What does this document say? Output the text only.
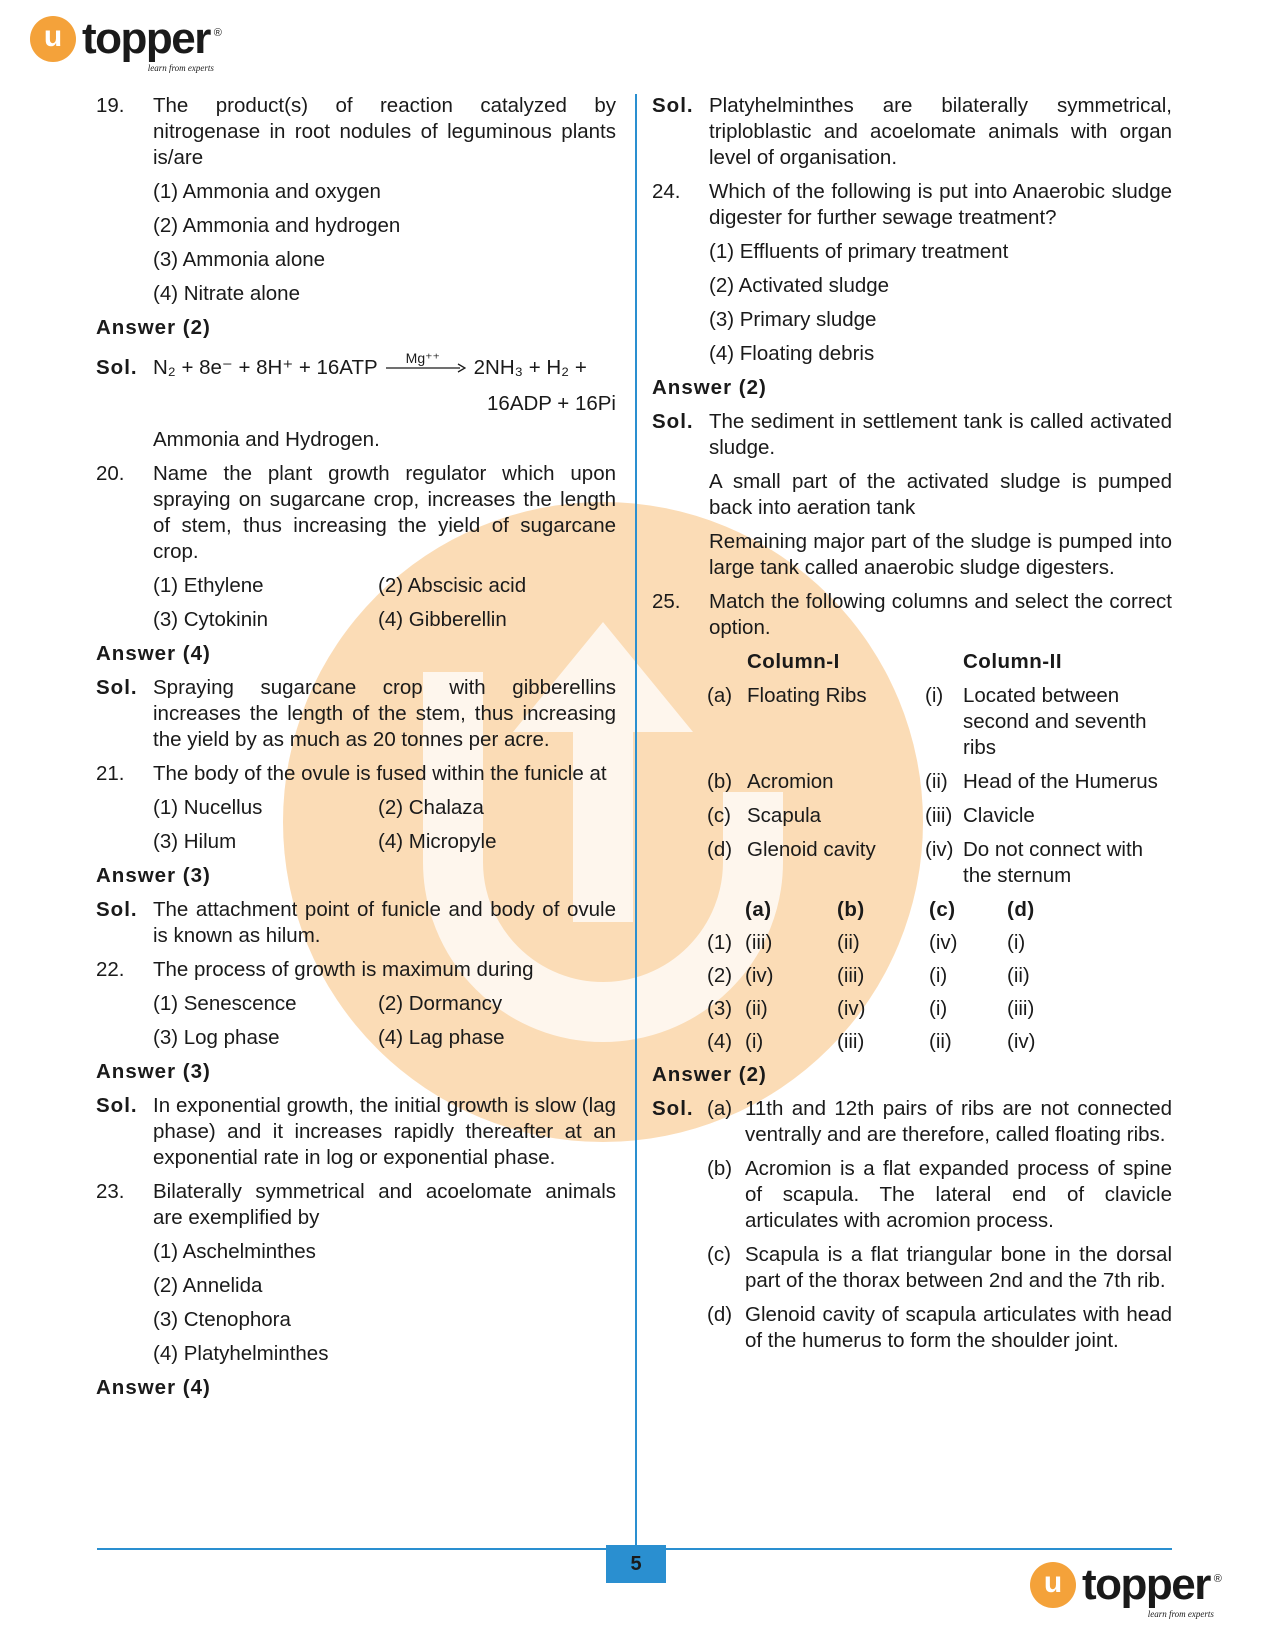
u topper ®
learn from experts
19. The product(s) of reaction catalyzed by nitrogenase in root nodules of leguminous plants is/are
(1) Ammonia and oxygen
(2) Ammonia and hydrogen
(3) Ammonia alone
(4) Nitrate alone
Answer (2)
Sol. N₂ + 8e⁻ + 8H⁺ + 16ATP Mg⁺⁺ 2NH₃ + H₂ +
16ADP + 16Pi
Ammonia and Hydrogen.
20. Name the plant growth regulator which upon spraying on sugarcane crop, increases the length of stem, thus increasing the yield of sugarcane crop.
(1) Ethylene	(2) Abscisic acid
(3) Cytokinin	(4) Gibberellin
Answer (4)
Sol. Spraying sugarcane crop with gibberellins increases the length of the stem, thus increasing the yield by as much as 20 tonnes per acre.
21. The body of the ovule is fused within the funicle at
(1) Nucellus	(2) Chalaza
(3) Hilum	(4) Micropyle
Answer (3)
Sol. The attachment point of funicle and body of ovule is known as hilum.
22. The process of growth is maximum during
(1) Senescence	(2) Dormancy
(3) Log phase	(4) Lag phase
Answer (3)
Sol. In exponential growth, the initial growth is slow (lag phase) and it increases rapidly thereafter at an exponential rate in log or exponential phase.
23. Bilaterally symmetrical and acoelomate animals are exemplified by
(1) Aschelminthes
(2) Annelida
(3) Ctenophora
(4) Platyhelminthes
Answer (4)
Sol. Platyhelminthes are bilaterally symmetrical, triploblastic and acoelomate animals with organ level of organisation.
24. Which of the following is put into Anaerobic sludge digester for further sewage treatment?
(1) Effluents of primary treatment
(2) Activated sludge
(3) Primary sludge
(4) Floating debris
Answer (2)
Sol. The sediment in settlement tank is called activated sludge.
A small part of the activated sludge is pumped back into aeration tank
Remaining major part of the sludge is pumped into large tank called anaerobic sludge digesters.
25. Match the following columns and select the correct option.
	Column-I		Column-II
(a)	Floating Ribs	(i)	Located between second and seventh ribs
(b)	Acromion	(ii)	Head of the Humerus
(c)	Scapula	(iii)	Clavicle
(d)	Glenoid cavity	(iv)	Do not connect with the sternum
	(a)	(b)	(c)	(d)
(1)	(iii)	(ii)	(iv)	(i)
(2)	(iv)	(iii)	(i)	(ii)
(3)	(ii)	(iv)	(i)	(iii)
(4)	(i)	(iii)	(ii)	(iv)
Answer (2)
Sol. (a) 11th and 12th pairs of ribs are not connected ventrally and are therefore, called floating ribs.
(b) Acromion is a flat expanded process of spine of scapula. The lateral end of clavicle articulates with acromion process.
(c) Scapula is a flat triangular bone in the dorsal part of the thorax between 2nd and the 7th rib.
(d) Glenoid cavity of scapula articulates with head of the humerus to form the shoulder joint.
5
u topper ®
learn from experts
